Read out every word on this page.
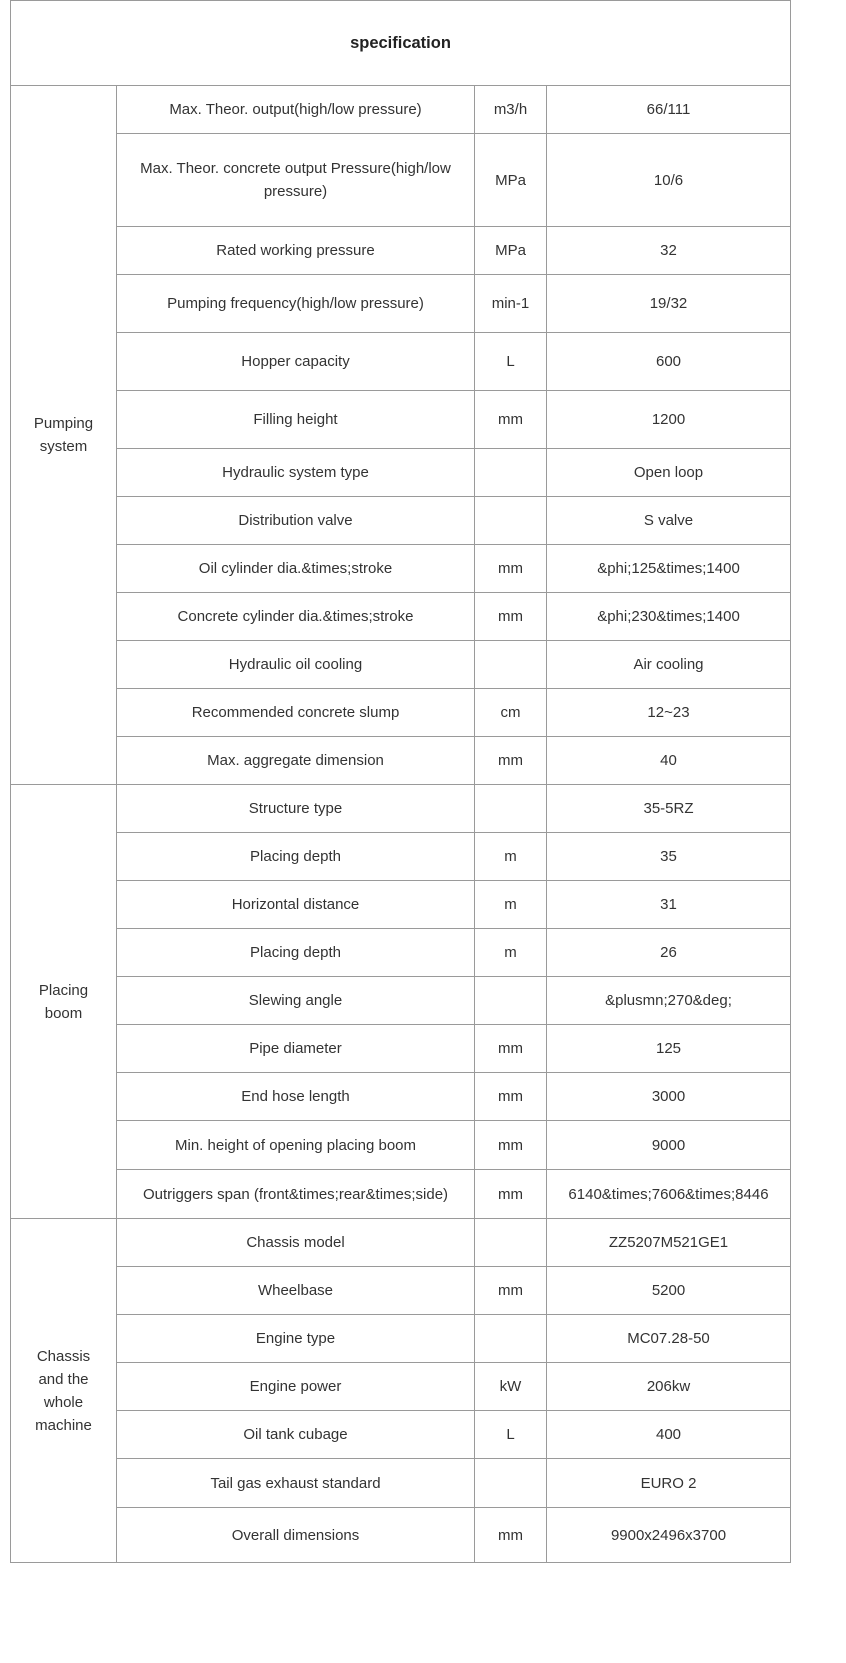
specification			
Pumping system	Max. Theor. output(high/low pressure)	m3/h	66/111
	Max. Theor. concrete output Pressure(high/low pressure)	MPa	10/6
	Rated working pressure	MPa	32
	Pumping frequency(high/low pressure)	min-1	19/32
	Hopper capacity	L	600
	Filling height	mm	1200
	Hydraulic system type		Open loop
	Distribution valve		S valve
	Oil cylinder dia.&times;stroke	mm	&phi;125&times;1400
	Concrete cylinder dia.&times;stroke	mm	&phi;230&times;1400
	Hydraulic oil cooling		Air cooling
	Recommended concrete slump	cm	12~23
	Max. aggregate dimension	mm	40
Placing boom	Structure type		35-5RZ
	Placing depth	m	35
	Horizontal distance	m	31
	Placing depth	m	26
	Slewing angle		&plusmn;270&deg;
	Pipe diameter	mm	125
	End hose length	mm	3000
	Min. height of opening placing boom	mm	9000
	Outriggers span (front&times;rear&times;side)	mm	6140&times;7606&times;8446
Chassis and the whole machine	Chassis model		ZZ5207M521GE1
	Wheelbase	mm	5200
	Engine type		MC07.28-50
	Engine power	kW	206kw
	Oil tank cubage	L	400
	Tail gas exhaust standard		EURO 2
	Overall dimensions	mm	9900x2496x3700
